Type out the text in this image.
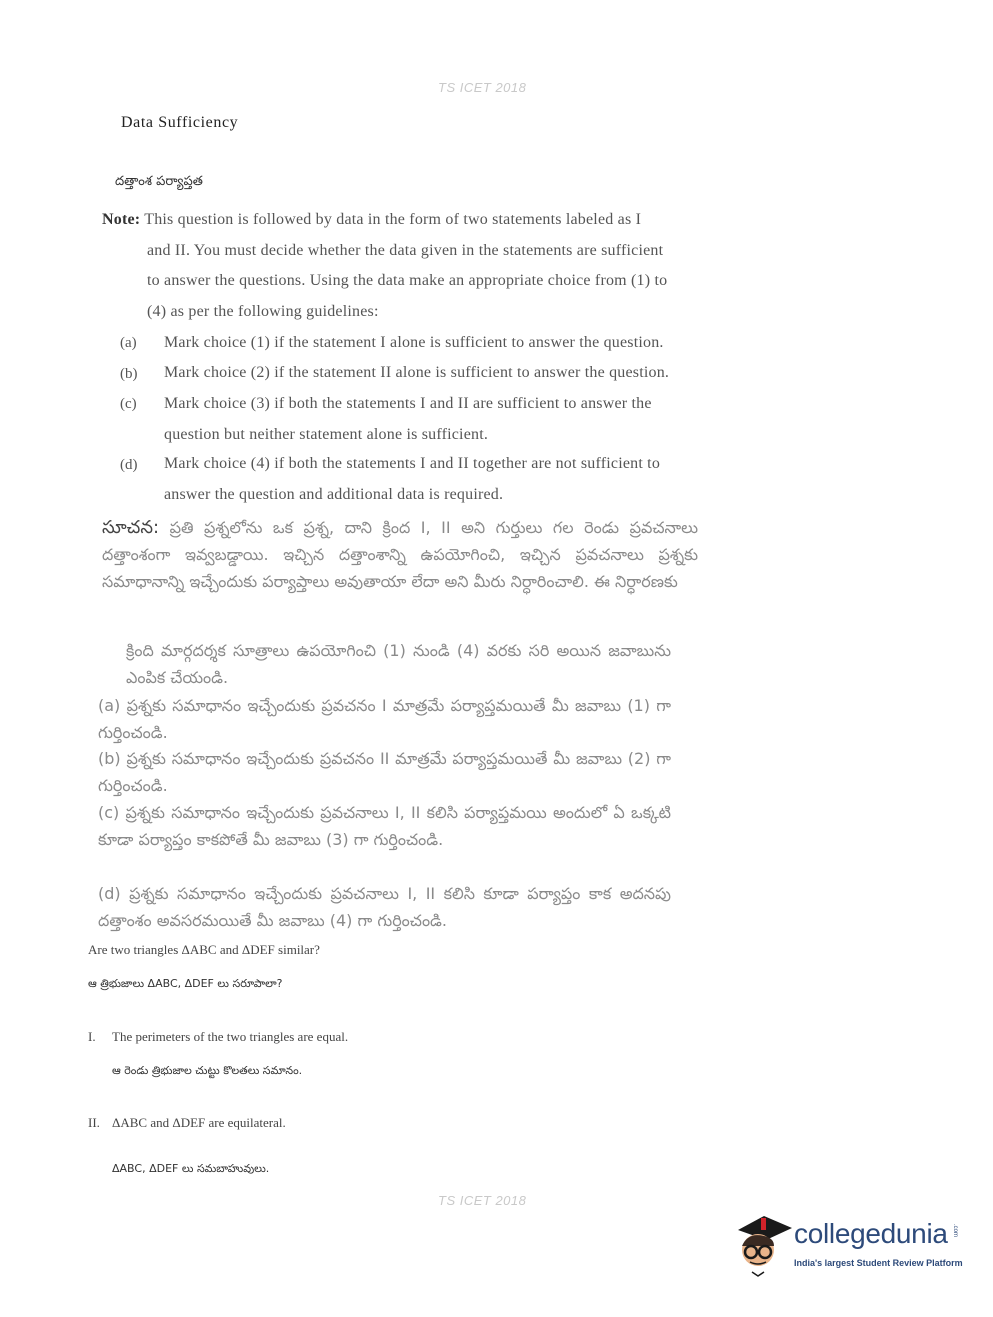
TS ICET 2018
Data Sufficiency
దత్తాంశ పర్యాప్తత
Note: This question is followed by data in the form of two statements labeled as I
and II. You must decide whether the data given in the statements are sufficient
to answer the questions. Using the data make an appropriate choice from (1) to
(4) as per the following guidelines:
(a) Mark choice (1) if the statement I alone is sufficient to answer the question.
(b) Mark choice (2) if the statement II alone is sufficient to answer the question.
(c) Mark choice (3) if both the statements I and II are sufficient to answer the
question but neither statement alone is sufficient.
(d) Mark choice (4) if both the statements I and II together are not sufficient to
answer the question and additional data is required.
సూచన: ప్రతి ప్రశ్నలోను ఒక ప్రశ్న, దాని క్రింద I, II అని గుర్తులు గల రెండు ప్రవచనాలు దత్తాంశంగా ఇవ్వబడ్డాయి. ఇచ్చిన దత్తాంశాన్ని ఉపయోగించి, ఇచ్చిన ప్రవచనాలు ప్రశ్నకు సమాధానాన్ని ఇచ్చేందుకు పర్యాప్తాలు అవుతాయా లేదా అని మీరు నిర్ధారించాలి. ఈ నిర్ధారణకు
క్రింది మార్గదర్శక సూత్రాలు ఉపయోగించి (1) నుండి (4) వరకు సరి అయిన జవాబును ఎంపిక చేయండి.
(a) ప్రశ్నకు సమాధానం ఇచ్చేందుకు ప్రవచనం I మాత్రమే పర్యాప్తమయితే మీ జవాబు (1) గా గుర్తించండి.
(b) ప్రశ్నకు సమాధానం ఇచ్చేందుకు ప్రవచనం II మాత్రమే పర్యాప్తమయితే మీ జవాబు (2) గా గుర్తించండి.
(c) ప్రశ్నకు సమాధానం ఇచ్చేందుకు ప్రవచనాలు I, II కలిసి పర్యాప్తమయి అందులో ఏ ఒక్కటి కూడా పర్యాప్తం కాకపోతే మీ జవాబు (3) గా గుర్తించండి.
(d) ప్రశ్నకు సమాధానం ఇచ్చేందుకు ప్రవచనాలు I, II కలిసి కూడా పర్యాప్తం కాక అదనపు దత్తాంశం అవసరమయితే మీ జవాబు (4) గా గుర్తించండి.
Are two triangles ΔABC and ΔDEF similar?
ఆ త్రిభుజాలు ΔABC, ΔDEF లు సరూపాలా?
I. The perimeters of the two triangles are equal.
ఆ రెండు త్రిభుజాల చుట్టు కొలతలు సమానం.
II. ΔABC and ΔDEF are equilateral.
ΔABC, ΔDEF లు సమబాహువులు.
TS ICET 2018
collegedunia .com
India's largest Student Review Platform
